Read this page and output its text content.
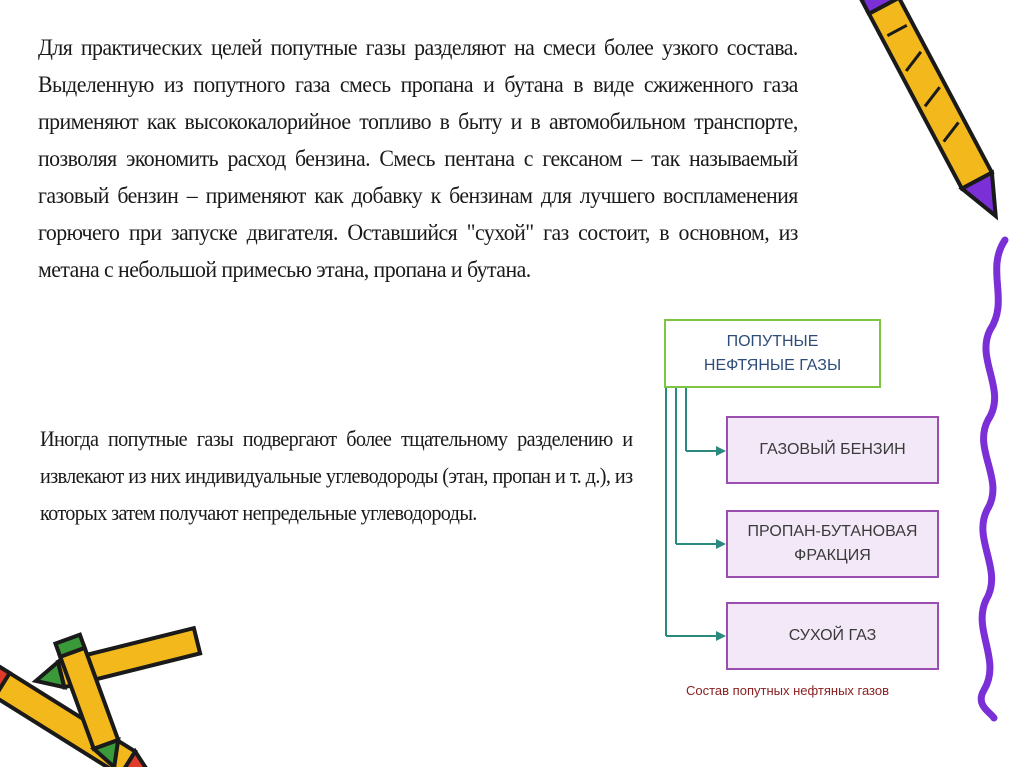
Для практических целей попутные газы разделяют на смеси более узкого состава. Выделенную из попутного газа смесь пропана и бутана в виде сжиженного газа применяют как высококалорийное топливо в быту и в автомобильном транспорте, позволяя экономить расход бензина. Смесь пентана с гексаном – так называемый газовый бензин – применяют как добавку к бензинам для лучшего воспламенения горючего при запуске двигателя. Оставшийся "сухой" газ состоит, в основном, из метана с небольшой примесью этана, пропана и бутана.
Иногда попутные газы подвергают более тщательному разделению и извлекают из них индивидуальные углеводороды (этан, пропан и т. д.), из которых затем получают непредельные углеводороды.
ПОПУТНЫЕ
НЕФТЯНЫЕ ГАЗЫ
ГАЗОВЫЙ БЕНЗИН
ПРОПАН-БУТАНОВАЯ
ФРАКЦИЯ
СУХОЙ ГАЗ
Состав попутных нефтяных газов
